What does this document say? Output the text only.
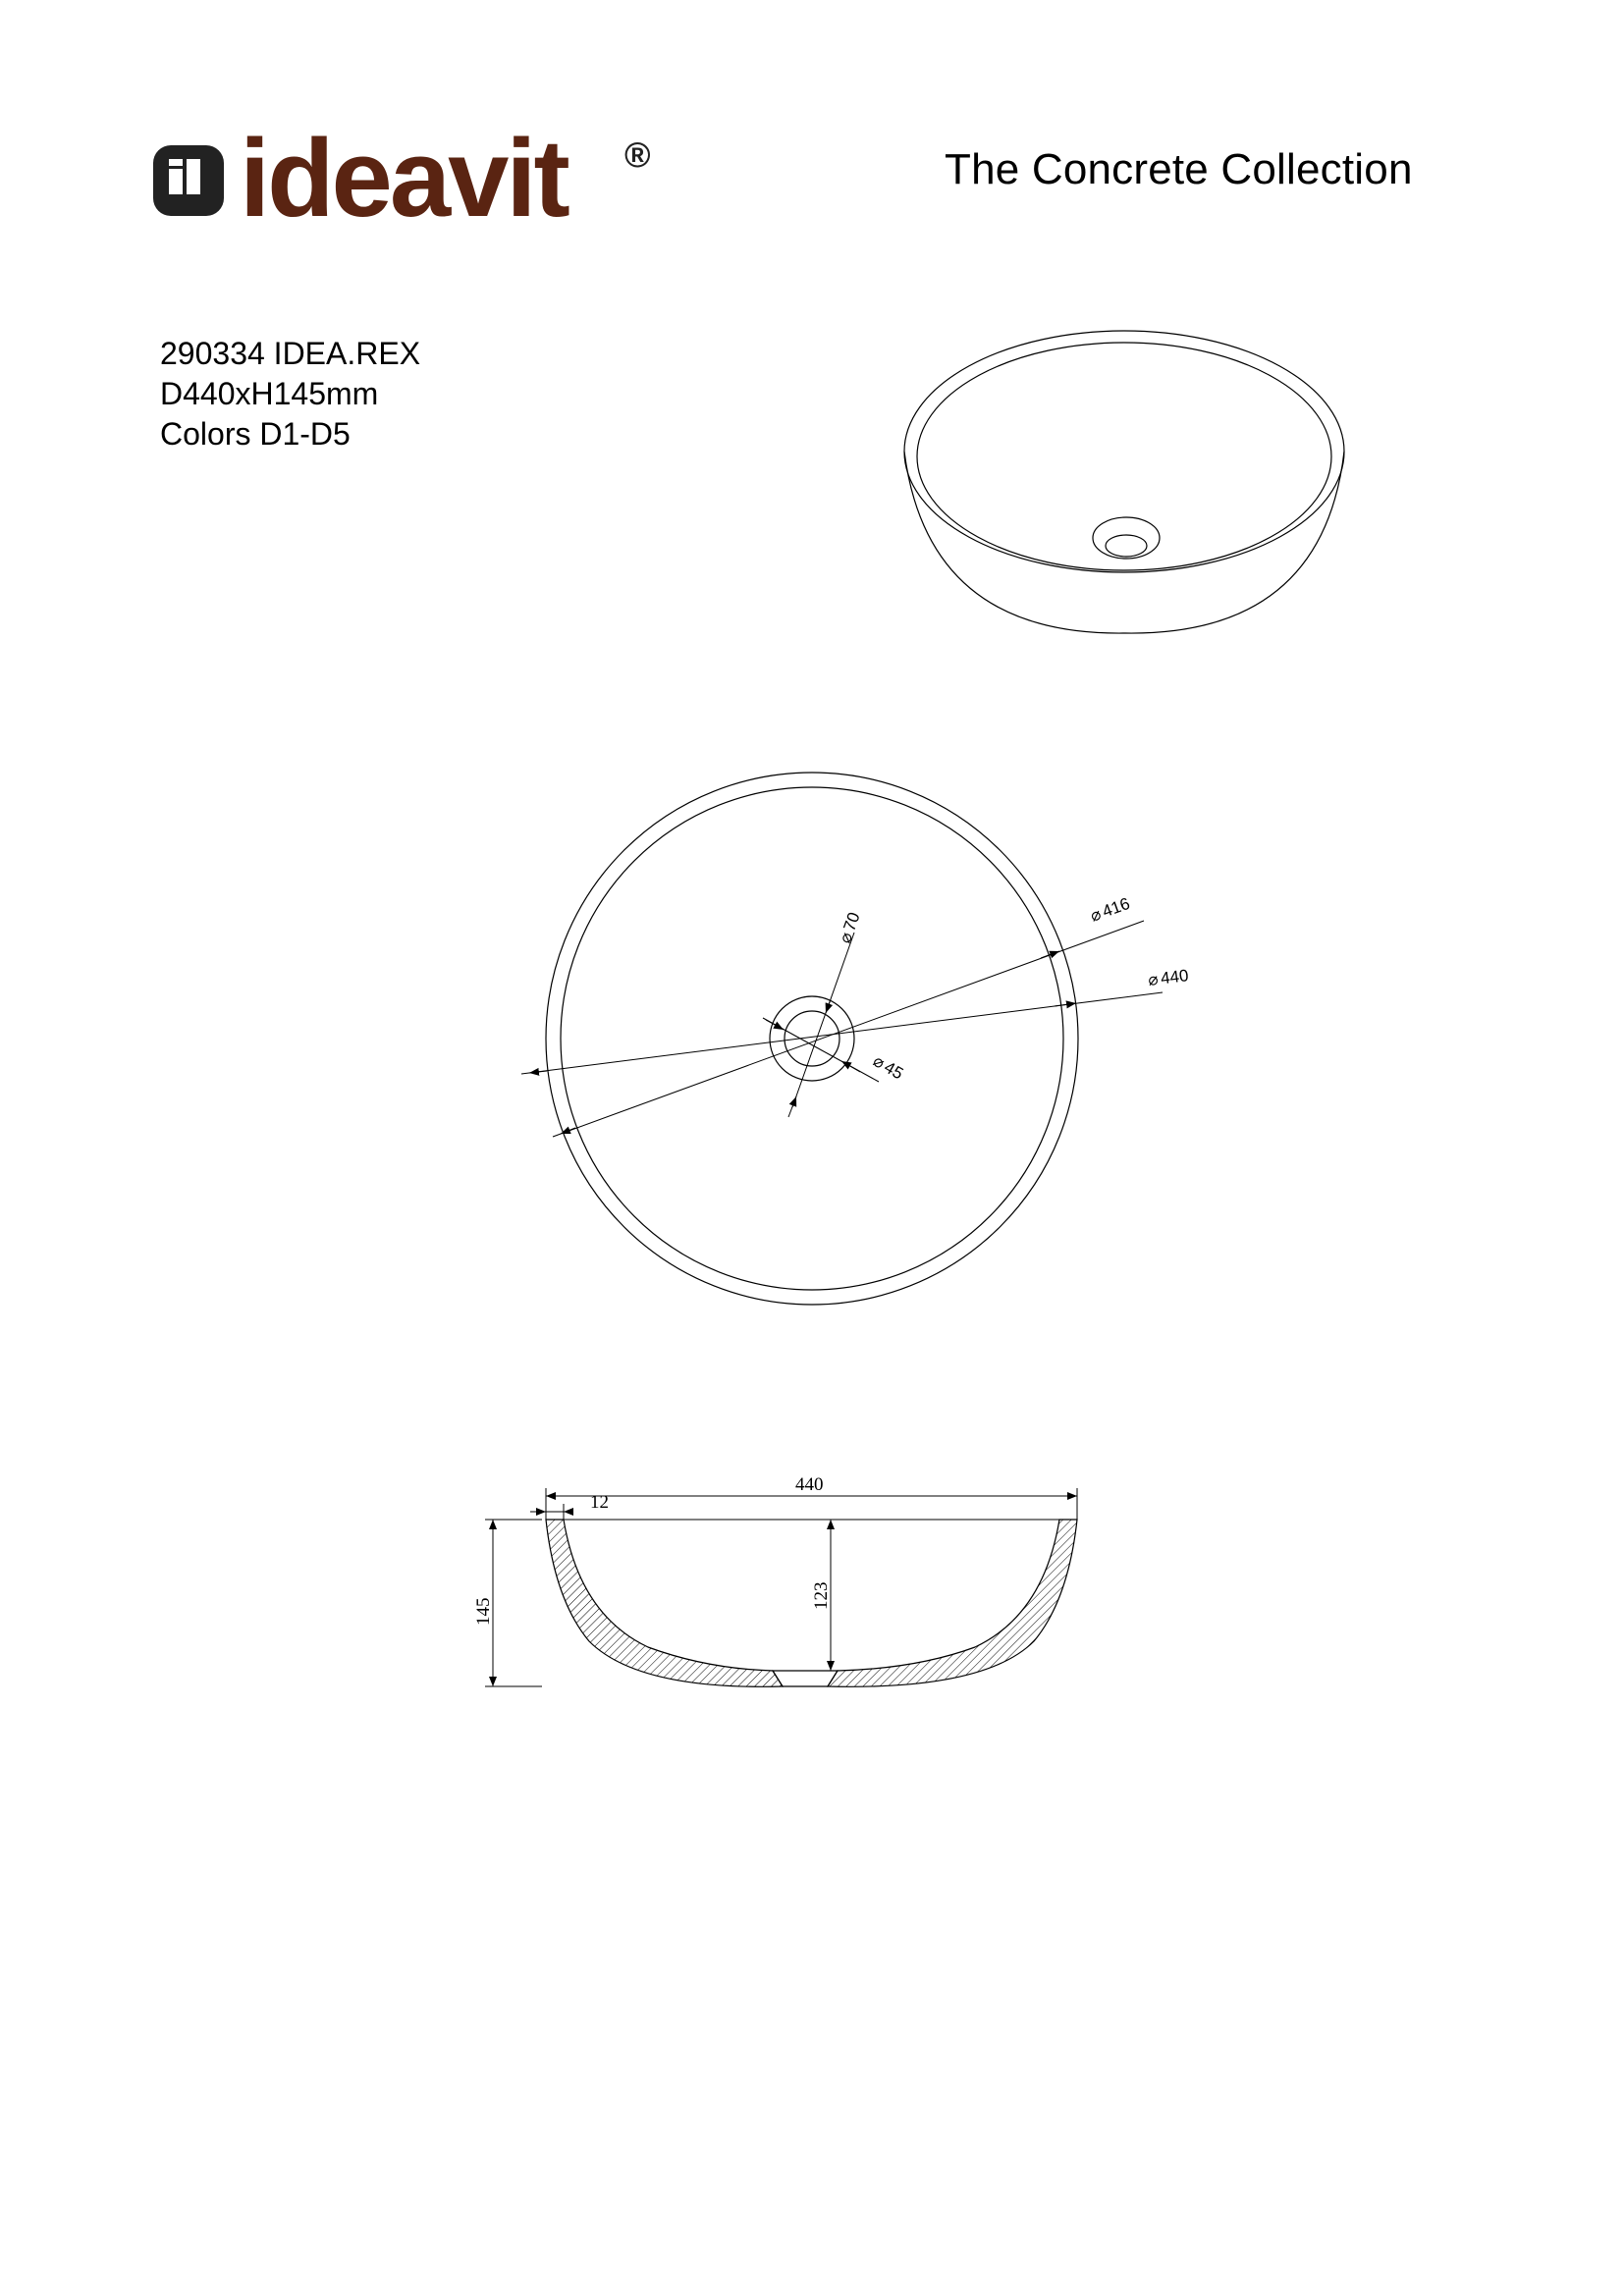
ideavit ®	The Concrete Collection
290334 IDEA.REX
D440xH145mm
Colors D1-D5
⌀
416
⌀ 440
⌀
70
⌀
45
440
12
123
145
